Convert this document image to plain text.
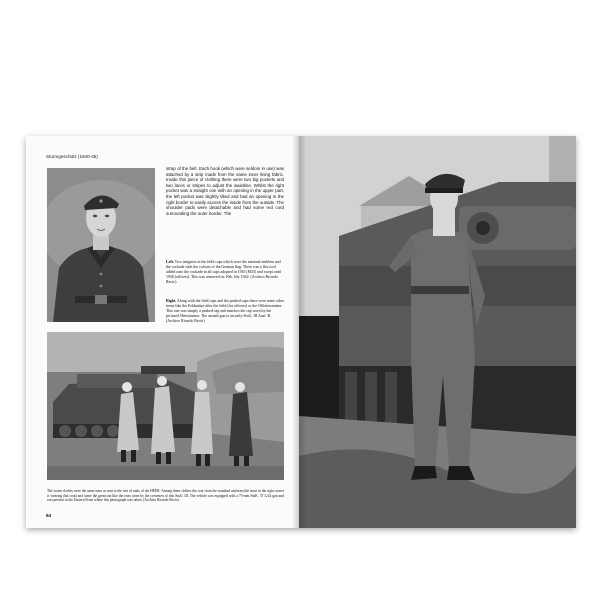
Sturmgeschütz (1940-45)
strap of the belt. Each hook (which were seldom in use) was attached by a strip made from the same inner lining fabric. Inside this piece of clothing there were two big pockets and two laces or stripes to adjust the waistline. Whilst the right pocket was a straight one with an opening in the upper part, the left pocket was slightly tilted and had an opening in the right border to easily access the inside from the outside. The shoulder pads were detachable and had some red cord surrounding the outer border. The
Left. Two insignias in the field caps which were the national emblem and the cockade with the colours of the German flag. There was a flat cord added onto the cockade in all caps adopted in 1935 (M35) and swept until 1938 (officers). This was removed on 10th July 1942. (Archivo Ricardo Recio)
Right. Along with the field caps and the peaked caps there were some other items like the Feldmütze after the field (for officers) or the Offiziersmütze. This one was simply a peaked cap and matches the cap worn by the pictured Obersturmer. The assault gun is an early StuG. III Ausf. B. (Archivo Ricardo Recio)
The warm clothes were the same ones as sent to the rest of units of the HEER. Among them clothes the coat from the standard uniform (the most in the right corner is wearing that coat) and some the greatcoat like the ones worn by the crewmen of this StuG. III. The vehicle was equipped with a 75-mm StuK. 37 L/24 gun and was present in the Eastern Front where this photograph was taken. (Archivo Ricardo Recio)
94
